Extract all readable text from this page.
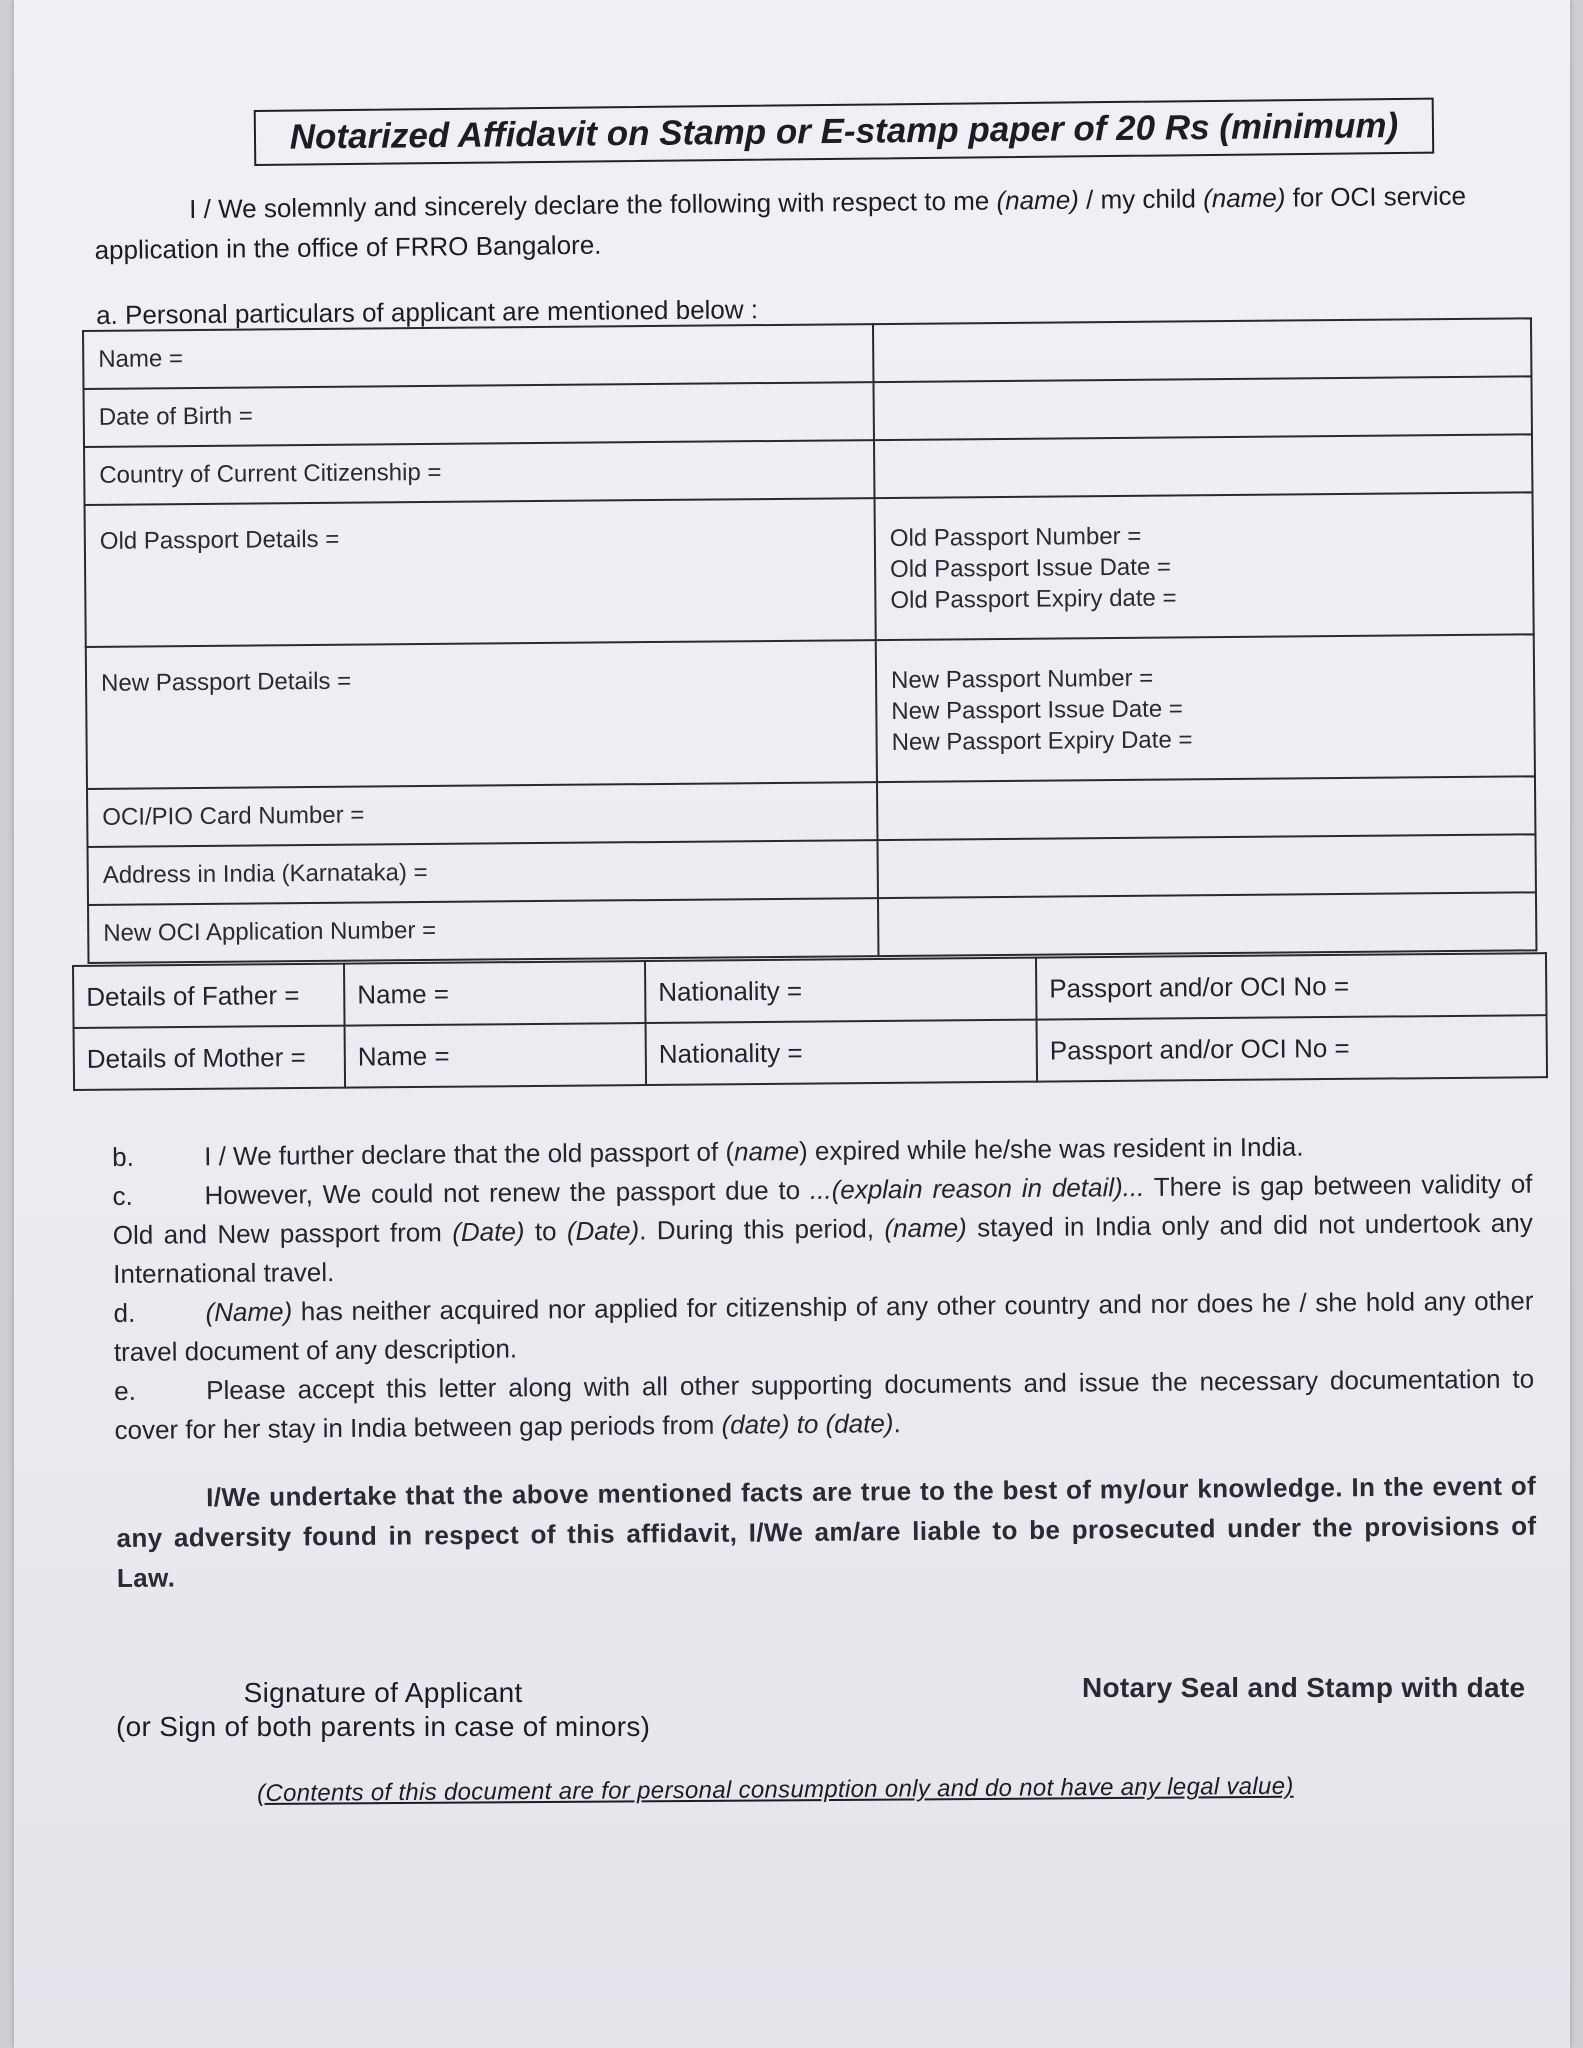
Notarized Affidavit on Stamp or E-stamp paper of 20 Rs (minimum)
I / We solemnly and sincerely declare the following with respect to me (name) / my child (name) for OCI service application in the office of FRRO Bangalore.
a. Personal particulars of applicant are mentioned below :
Name =	
Date of Birth =	
Country of Current Citizenship =	
Old Passport Details =	Old Passport Number =
Old Passport Issue Date =
Old Passport Expiry date =

New Passport Details =	New Passport Number =
New Passport Issue Date =
New Passport Expiry Date =

OCI/PIO Card Number =	
Address in India (Karnataka) =	
New OCI Application Number =	
Details of Father =	Name =	Nationality =	Passport and/or OCI No =
Details of Mother =	Name =	Nationality =	Passport and/or OCI No =

b.	I / We further declare that the old passport of (name) expired while he/she was resident in India.

c.	However, We could not renew the passport due to ...(explain reason in detail)... There is gap between validity of Old and New passport from (Date) to (Date). During this period, (name) stayed in India only and did not undertook any International travel.

d.	(Name) has neither acquired nor applied for citizenship of any other country and nor does he / she hold any other travel document of any description.

e.	Please accept this letter along with all other supporting documents and issue the necessary documentation to cover for her stay in India between gap periods from (date) to (date).

I/We undertake that the above mentioned facts are true to the best of my/our knowledge. In the event of any adversity found in respect of this affidavit, I/We am/are liable to be prosecuted under the provisions of Law.
Signature of Applicant
(or Sign of both parents in case of minors)
Notary Seal and Stamp with date
(Contents of this document are for personal consumption only and do not have any legal value)
